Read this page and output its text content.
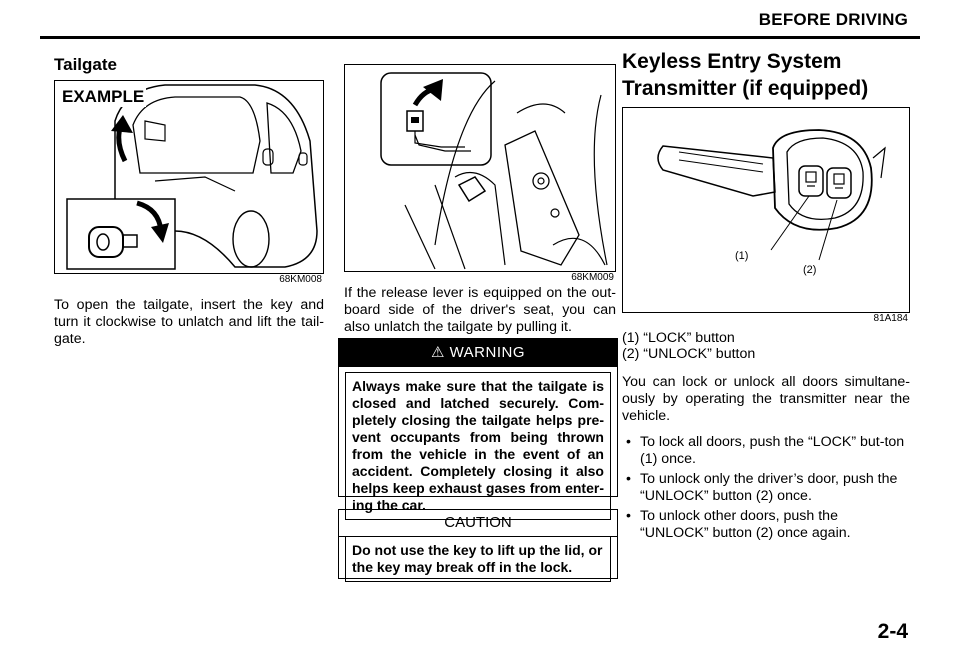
BEFORE DRIVING
Tailgate
EXAMPLE
68KM008
To open the tailgate, insert the key and turn it clockwise to unlatch and lift the tail-gate.
68KM009
If the release lever is equipped on the out-board side of the driver's seat, you can also unlatch the tailgate by pulling it.
⚠ WARNING
Always make sure that the tailgate is closed and latched securely. Com-pletely closing the tailgate helps pre-vent occupants from being thrown from the vehicle in the event of an accident. Completely closing it also helps keep exhaust gases from enter-ing the car.
CAUTION
Do not use the key to lift up the lid, or the key may break off in the lock.
Keyless Entry System
Transmitter (if equipped)
(1)
(2)
81A184
(1) “LOCK” button
(2) “UNLOCK” button
You can lock or unlock all doors simultane-ously by operating the transmitter near the vehicle.
• To lock all doors, push the “LOCK” but-ton (1) once.
• To unlock only the driver’s door, push the “UNLOCK” button (2) once.
• To unlock other doors, push the “UNLOCK” button (2) once again.
2-4
